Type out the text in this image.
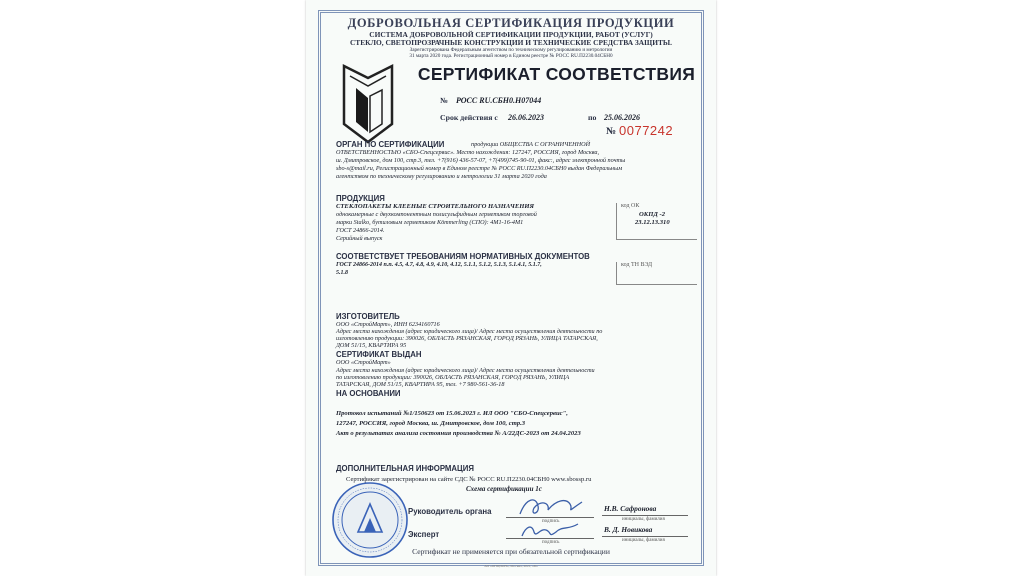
ДОБРОВОЛЬНАЯ СЕРТИФИКАЦИЯ ПРОДУКЦИИ
СИСТЕМА ДОБРОВОЛЬНОЙ СЕРТИФИКАЦИИ ПРОДУКЦИИ, РАБОТ (УСЛУГ)
СТЕКЛО, СВЕТОПРОЗРАЧНЫЕ КОНСТРУКЦИИ И ТЕХНИЧЕСКИЕ СРЕДСТВА ЗАЩИТЫ.
Зарегистрирована Федеральным агентством по техническому регулированию и метрологии
31 марта 2020 года. Регистрационный номер в Едином реестре № РОСС RU.П2230.04СБН0
СЕРТИФИКАТ СООТВЕТСТВИЯ
№ РОСС RU.СБН0.Н07044
Срок действия с 26.06.2023	по 25.06.2026
№ 0077242
ОРГАН ПО СЕРТИФИКАЦИИ	продукции ОБЩЕСТВА С ОГРАНИЧЕННОЙ
ОТВЕТСТВЕННОСТЬЮ «СБО-Спецсервис». Место нахождения: 127247, РОССИЯ, город Москва,
ш. Дмитровское, дом 100, стр.3, тел. +7(916) 436-57-07, +7(499)745-90-01, факс:, адрес электронной почты
sbo-s@mail.ru, Регистрационный номер в Едином реестре № РОСС RU.П2230.04СБН0 выдан Федеральным
агентством по техническому регулированию и метрологии 31 марта 2020 года
ПРОДУКЦИЯ
СТЕКЛОПАКЕТЫ КЛЕЕНЫЕ СТРОИТЕЛЬНОГО НАЗНАЧЕНИЯ
однокамерные с двухкомпонентным полисульфидным герметиком торговой
марки Stalko, бутиловым герметиком Kömmerling (СПО): 4М1-16-4М1
ГОСТ 24866-2014.
Серийный выпуск
код ОК
ОКПД -2
23.12.13.310
СООТВЕТСТВУЕТ ТРЕБОВАНИЯМ НОРМАТИВНЫХ ДОКУМЕНТОВ
ГОСТ 24866-2014 п.п. 4.5, 4.7, 4.8, 4.9, 4.10, 4.12, 5.1.1, 5.1.2, 5.1.3, 5.1.4.1, 5.1.7,
5.1.8
код ТН ВЭД
ИЗГОТОВИТЕЛЬ
ООО «СтройМарт», ИНН 6234160716
Адрес места нахождения (адрес юридического лица)/ Адрес места осуществления деятельности по
изготовлению продукции: 390026, ОБЛАСТЬ РЯЗАНСКАЯ, ГОРОД РЯЗАНЬ, УЛИЦА ТАТАРСКАЯ,
ДОМ 51/15, КВАРТИРА 95
СЕРТИФИКАТ ВЫДАН
ООО «СтройМарт»
Адрес места нахождения (адрес юридического лица)/ Адрес места осуществления деятельности
по изготовлению продукции: 390026, ОБЛАСТЬ РЯЗАНСКАЯ, ГОРОД РЯЗАНЬ, УЛИЦА
ТАТАРСКАЯ, ДОМ 51/15, КВАРТИРА 95, тел. +7 980-561-36-18
НА ОСНОВАНИИ
Протокол испытаний №1/150623 от 15.06.2023 г. ИЛ ООО "СБО-Спецсервис",
127247, РОССИЯ, город Москва, ш. Дмитровское, дом 100, стр.3
Акт о результатах анализа состояния производства № А/22ДС-2023 от 24.04.2023
ДОПОЛНИТЕЛЬНАЯ ИНФОРМАЦИЯ
Сертификат зарегистрирован на сайте СДС № РОСС RU.П2230.04СБН0 www.sbossp.ru
Схема сертификации 1с
Руководитель органа
подпись
Н.В. Сафронова
инициалы, фамилия
Эксперт
подпись
В. Д. Новикова
инициалы, фамилия
Сертификат не применяется при обязательной сертификации
АО «ОПЦИОН», Москва, 2021, «Б»
